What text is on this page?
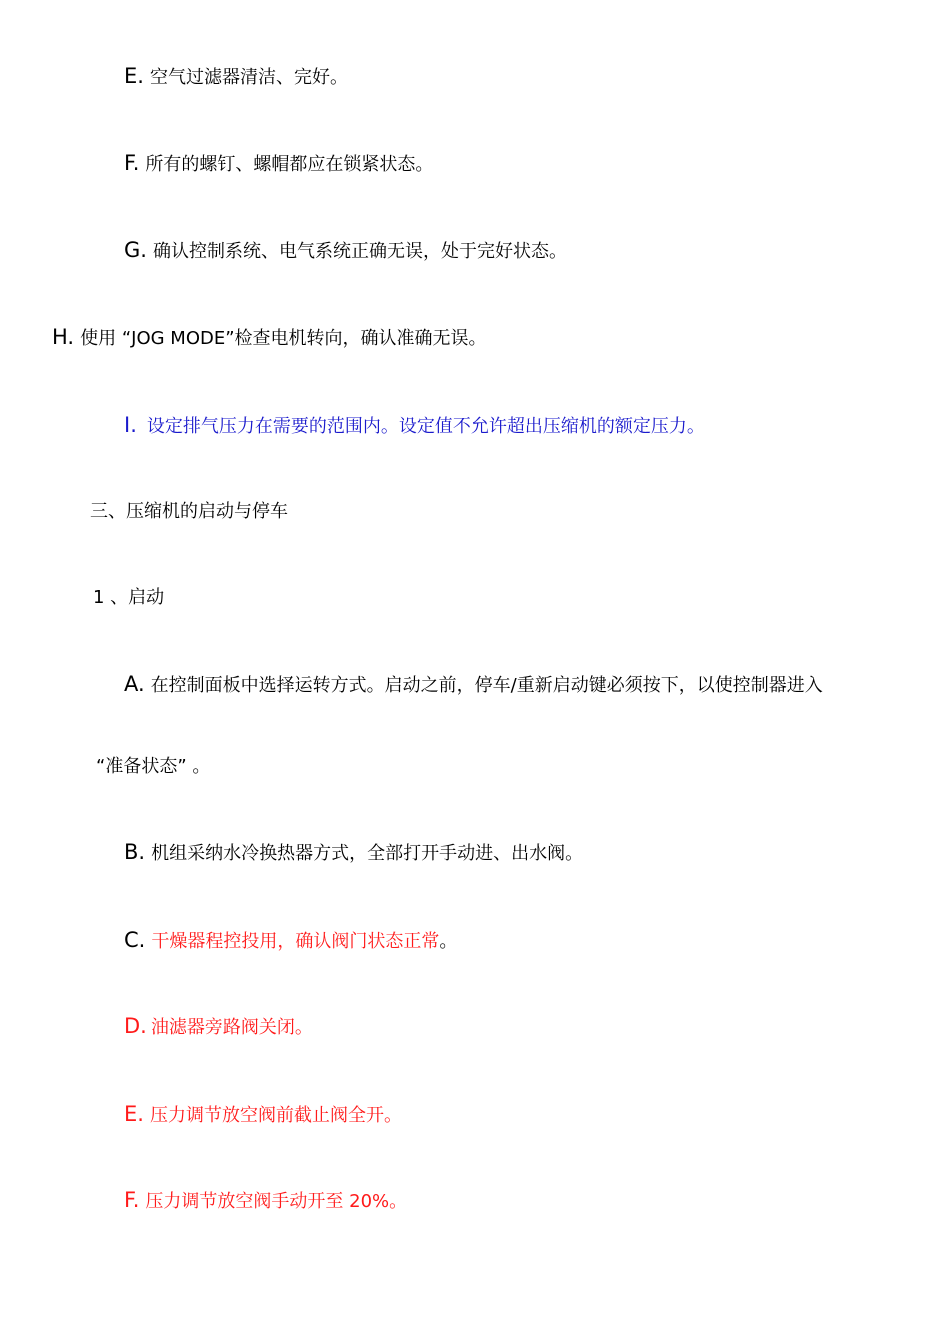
E. 空气过滤器清洁、完好。
F. 所有的螺钉、螺帽都应在锁紧状态。
G. 确认控制系统、电气系统正确无误，处于完好状态。
H. 使用 “JOG MODE”检查电机转向，确认准确无误。
I. 设定排气压力在需要的范围内。设定值不允许超出压缩机的额定压力。
三、压缩机的启动与停车
1 、启动
A. 在控制面板中选择运转方式。启动之前，停车/重新启动键必须按下，以使控制器进入
“准备状态” 。
B. 机组采纳水冷换热器方式，全部打开手动进、出水阀。
C. 干燥器程控投用，确认阀门状态正常。
D. 油滤器旁路阀关闭。
E. 压力调节放空阀前截止阀全开。
F. 压力调节放空阀手动开至 20%。
